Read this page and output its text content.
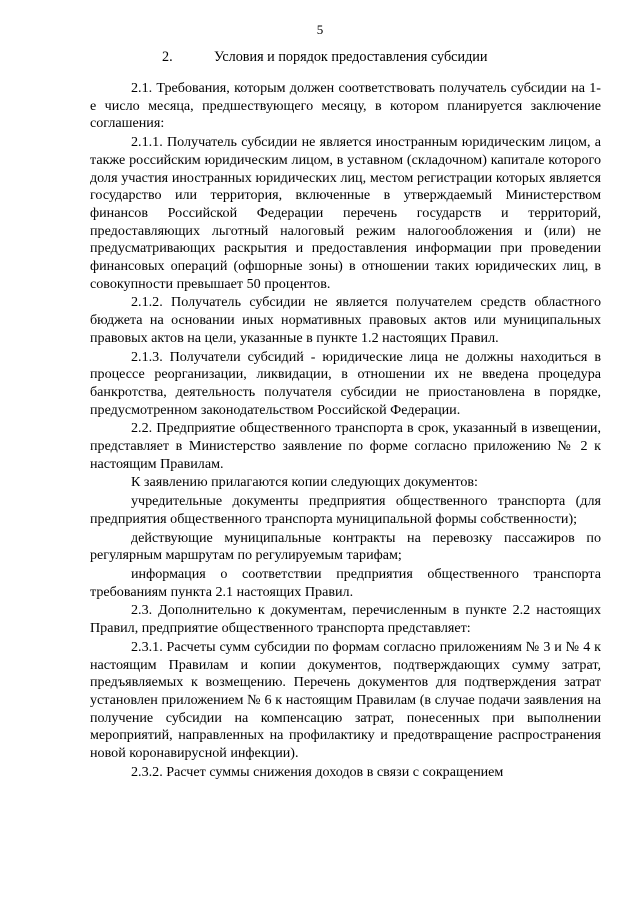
5
2.	Условия и порядок предоставления субсидии

2.1. Требования, которым должен соответствовать получатель субсидии на 1-е число месяца, предшествующего месяцу, в котором планируется заключение соглашения:

2.1.1. Получатель субсидии не является иностранным юридическим лицом, а также российским юридическим лицом, в уставном (складочном) капитале которого доля участия иностранных юридических лиц, местом регистрации которых является государство или территория, включенные в утверждаемый Министерством финансов Российской Федерации перечень государств и территорий, предоставляющих льготный налоговый режим налогообложения и (или) не предусматривающих раскрытия и предоставления информации при проведении финансовых операций (офшорные зоны) в отношении таких юридических лиц, в совокупности превышает 50 процентов.

2.1.2. Получатель субсидии не является получателем средств областного бюджета на основании иных нормативных правовых актов или муниципальных правовых актов на цели, указанные в пункте 1.2 настоящих Правил.

2.1.3. Получатели субсидий - юридические лица не должны находиться в процессе реорганизации, ликвидации, в отношении их не введена процедура банкротства, деятельность получателя субсидии не приостановлена в порядке, предусмотренном законодательством Российской Федерации.

2.2. Предприятие общественного транспорта в срок, указанный в извещении, представляет в Министерство заявление по форме согласно приложению № 2 к настоящим Правилам.

К заявлению прилагаются копии следующих документов:

учредительные документы предприятия общественного транспорта (для предприятия общественного транспорта муниципальной формы собственности);

действующие муниципальные контракты на перевозку пассажиров по регулярным маршрутам по регулируемым тарифам;

информация о соответствии предприятия общественного транспорта требованиям пункта 2.1 настоящих Правил.

2.3. Дополнительно к документам, перечисленным в пункте 2.2 настоящих Правил, предприятие общественного транспорта представляет:

2.3.1. Расчеты сумм субсидии по формам согласно приложениям № 3 и № 4 к настоящим Правилам и копии документов, подтверждающих сумму затрат, предъявляемых к возмещению. Перечень документов для подтверждения затрат установлен приложением № 6 к настоящим Правилам (в случае подачи заявления на получение субсидии на компенсацию затрат, понесенных при выполнении мероприятий, направленных на профилактику и предотвращение распространения новой коронавирусной инфекции).

2.3.2. Расчет суммы снижения доходов в связи с сокращением
